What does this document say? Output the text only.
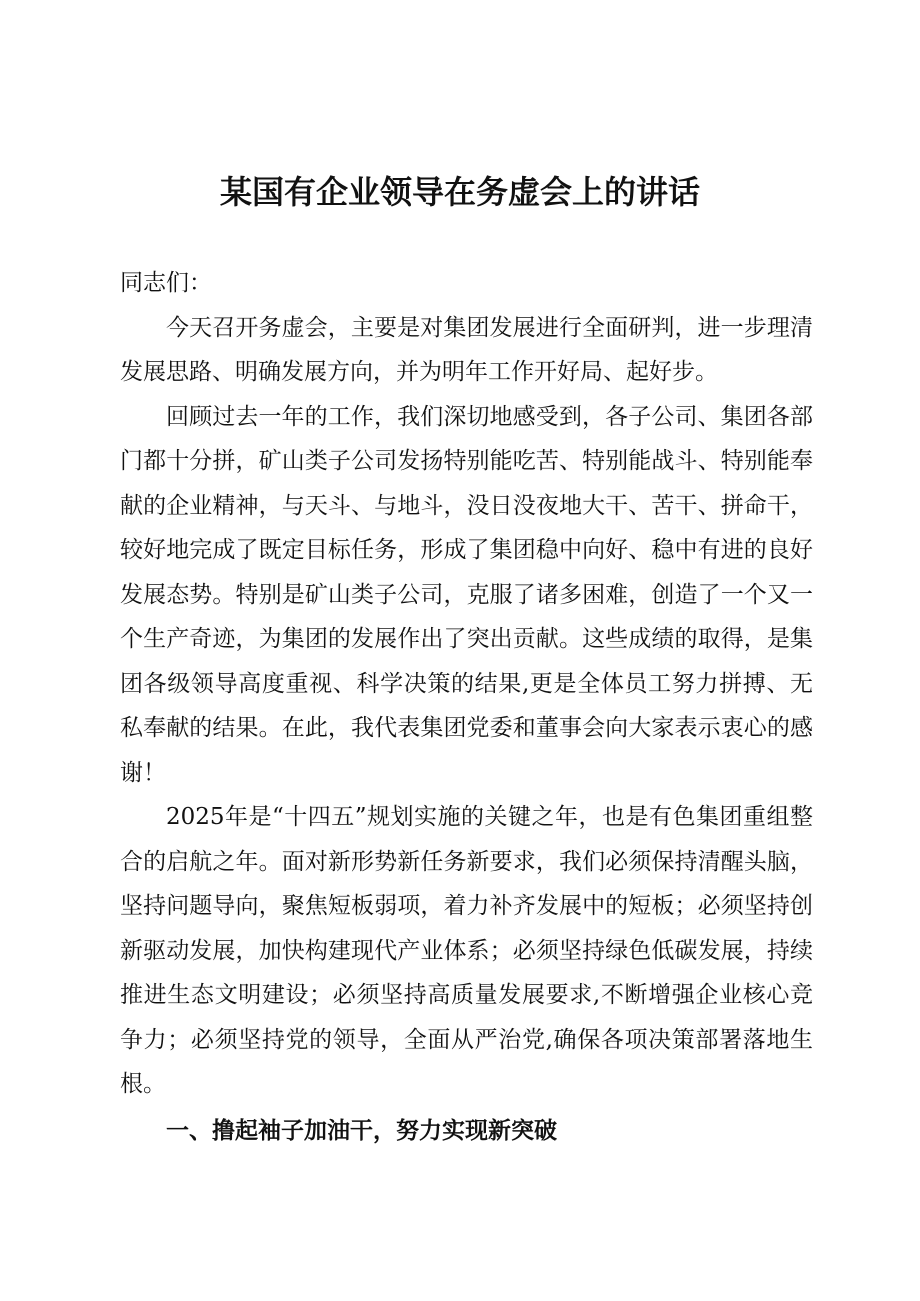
某国有企业领导在务虚会上的讲话

同志们：

今天召开务虚会，主要是对集团发展进行全面研判，进一步理清发展思路、明确发展方向，并为明年工作开好局、起好步。

回顾过去一年的工作，我们深切地感受到，各子公司、集团各部门都十分拼，矿山类子公司发扬特别能吃苦、特别能战斗、特别能奉献的企业精神，与天斗、与地斗，没日没夜地大干、苦干、拼命干，较好地完成了既定目标任务，形成了集团稳中向好、稳中有进的良好发展态势。特别是矿山类子公司，克服了诸多困难，创造了一个又一个生产奇迹，为集团的发展作出了突出贡献。这些成绩的取得，是集团各级领导高度重视、科学决策的结果,更是全体员工努力拼搏、无私奉献的结果。在此，我代表集团党委和董事会向大家表示衷心的感谢！

2025年是“十四五”规划实施的关键之年，也是有色集团重组整合的启航之年。面对新形势新任务新要求，我们必须保持清醒头脑，坚持问题导向，聚焦短板弱项，着力补齐发展中的短板；必须坚持创新驱动发展，加快构建现代产业体系；必须坚持绿色低碳发展，持续推进生态文明建设；必须坚持高质量发展要求,不断增强企业核心竞争力；必须坚持党的领导，全面从严治党,确保各项决策部署落地生根。

一、撸起袖子加油干，努力实现新突破
